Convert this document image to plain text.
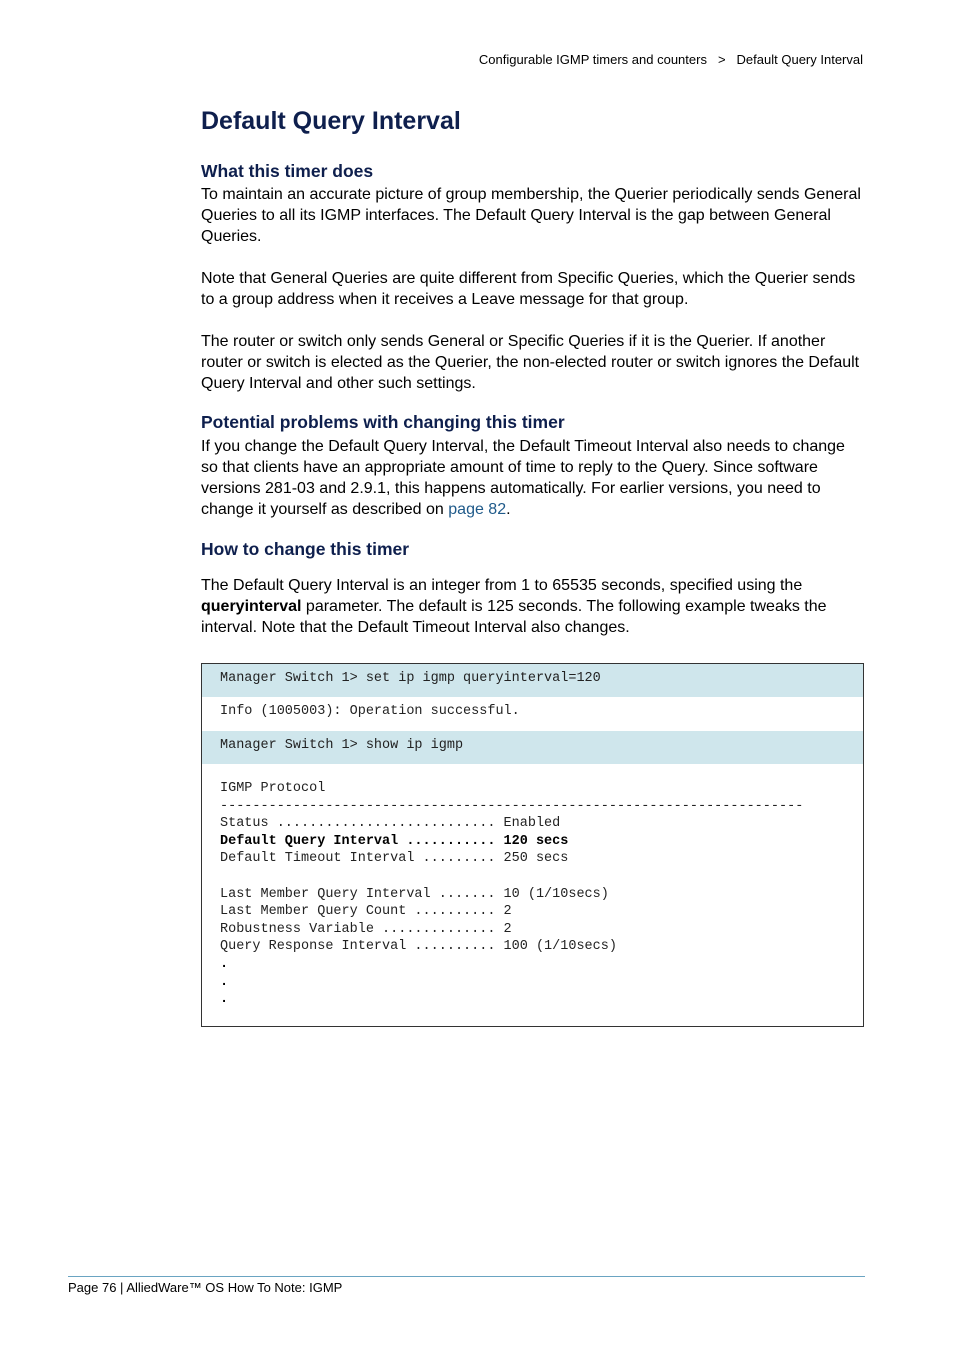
Configurable IGMP timers and counters > Default Query Interval
Default Query Interval
What this timer does

To maintain an accurate picture of group membership, the Querier periodically sends General Queries to all its IGMP interfaces. The Default Query Interval is the gap between General Queries.

Note that General Queries are quite different from Specific Queries, which the Querier sends to a group address when it receives a Leave message for that group.

The router or switch only sends General or Specific Queries if it is the Querier. If another router or switch is elected as the Querier, the non-elected router or switch ignores the Default Query Interval and other such settings.

Potential problems with changing this timer

If you change the Default Query Interval, the Default Timeout Interval also needs to change so that clients have an appropriate amount of time to reply to the Query. Since software versions 281-03 and 2.9.1, this happens automatically. For earlier versions, you need to change it yourself as described on page 82.

How to change this timer

The Default Query Interval is an integer from 1 to 65535 seconds, specified using the queryinterval parameter. The default is 125 seconds. The following example tweaks the interval. Note that the Default Timeout Interval also changes.

Manager Switch 1> set ip igmp queryinterval=120
Info (1005003): Operation successful.
Manager Switch 1> show ip igmp
IGMP Protocol
------------------------------------------------------------------------
Status ........................... Enabled
Default Query Interval ........... 120 secs
Default Timeout Interval ......... 250 secs

Last Member Query Interval ....... 10 (1/10secs)
Last Member Query Count .......... 2
Robustness Variable .............. 2
Query Response Interval .......... 100 (1/10secs)
.
.
.
Page 76 | AlliedWare™ OS How To Note: IGMP
